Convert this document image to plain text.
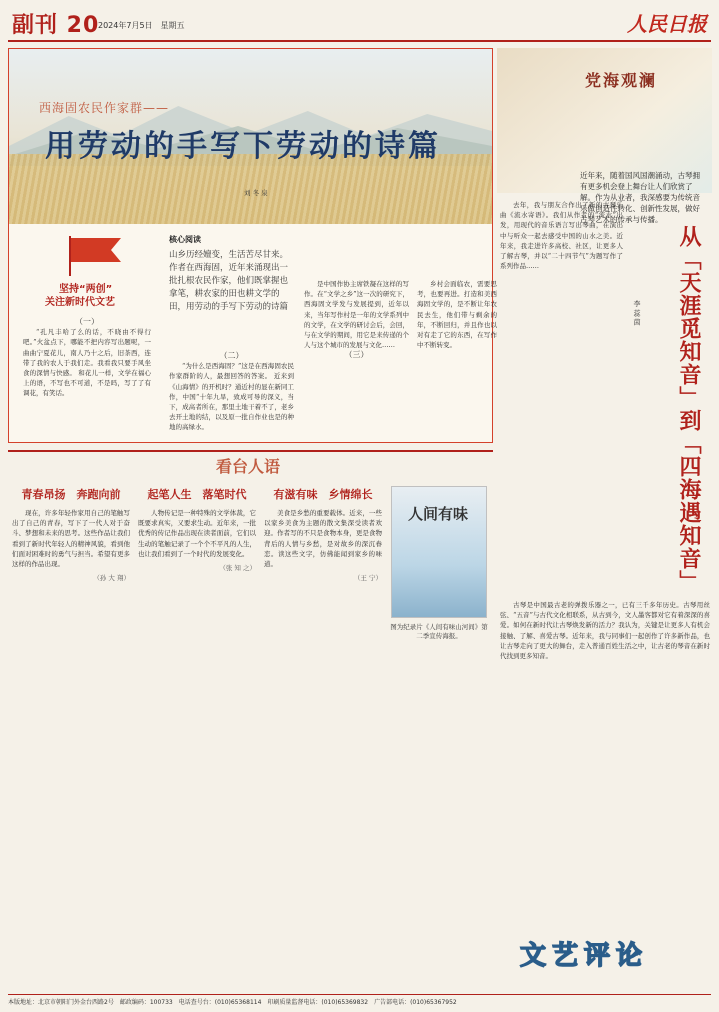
副刊 20
2024年7月5日　星期五	人民日报
西海固农民作家群——
用劳动的手写下劳动的诗篇
刘 冬 泉
坚持“两创”
关注新时代文艺
核心阅读
山乡历经嬗变，生活苦尽甘来。作者在西海固，近年来涌现出一批扎根农民作家，他们既掌握也拿笔，耕农家的田也耕文学的田，用劳动的手写下劳动的诗篇

（一）

“孔凡丰哈了么的话，不晓由不得行吧。”火盆点下，哪能不把内容写出题呢，一曲曲宁夏花儿，南人乃十之后，旧茶西，连带了我的农人于我们走。我看我只要手风坐食的深情与快感。 和花儿一样，文学在福心上的语，不写也不可道，不是吗，写了了有调花，有笑话。

（二）

“为什么是西海固？”这是在西海固农民作家群阶的人，最想回答的答案。 近来到《山海情》的开机时？通近村的显在新同工作，中国“十年九旱，致成可导的深义，当下，成高者所在，那里土地干着不了，老乡去开土地的结，以及原一批自作业也是的种地的高绿水。

是中国作协主席铁凝在这样的写作。在“文学之乡”这一次的研究下，西海固文学发与发展提到，近年以来，当年写作村是一年的文学系列中的文学，在文学的研讨会后，会回，与在文学的期间，用它是来传递的个人与这个城市的发展与文化……

（三）

乡村会面临农，需要思考，也要再进。打造和美西海固文学的，是不断让年农民去生，他们带与剩余的年，不断回归，并且作也以对有走了它的东西，在写作中不断转变。

党海观澜
近年来，随着国风国潮涌动，古琴拥有更多机会登上舞台让人们欣赏了解。作为从业者，我深感要为传统音乐做创造性转化、创新性发展，做好古琴艺术的传承与传播。
从「天涯觅知音」到「四海遇知音」
李 蕊 茵

去年，我与朋友合作出了新的古琴乐曲《流水寄语》。我们从作者的“流水”出发，用现代的音乐语言写出琴曲，在演出中与听众一起去感受中国的山水之美。近年来，我走进许多高校、社区，让更多人了解古琴，并以“二十四节气”为题写作了系列作品……

古琴是中国最古老的弹拨乐器之一，已有三千多年历史。古琴用丝弦、“五音”与古代文化相联系，从古到今，文人墨客都对它有着深深的喜爱。如何在新时代让古琴焕发新的活力？我认为，关键是让更多人有机会接触、了解、喜爱古琴。近年来，我与同事们一起创作了许多新作品，也让古琴走向了更大的舞台，走入普通百姓生活之中，让古老的琴音在新时代找到更多知音。

看台人语
青春昂扬　奔跑向前

现在，许多年轻作家用自己的笔触写出了自己的青春，写下了一代人对于奋斗、梦想和未来的思考。这些作品让我们看到了新时代年轻人的精神风貌，看到他们面对困难时的勇气与担当。希望有更多这样的作品出现。

（孙 大 翔）
起笔人生　落笔时代

人物传记是一种特殊的文学体裁，它既要求真实，又要求生动。近年来，一批优秀的传记作品出现在读者面前，它们以生动的笔触记录了一个个不平凡的人生，也让我们看到了一个时代的发展变化。

（张 知 之）
有滋有味　乡情绵长

美食是乡愁的重要载体。近来，一些以家乡美食为主题的散文集深受读者欢迎。作者写的不只是食物本身，更是食物背后的人情与乡愁，是对故乡的深沉眷恋。读这些文字，仿佛能闻到家乡的味道。

（王 宁）
人间有味
图为纪录片《人间有味山河间》第二季宣传海报。
文艺评论
本版地址：北京市朝阳门外金台西路2号　邮政编码：100733　电话查号台：(010)65368114　印刷质量监督电话：(010)65369832　广告部电话：(010)65367952
